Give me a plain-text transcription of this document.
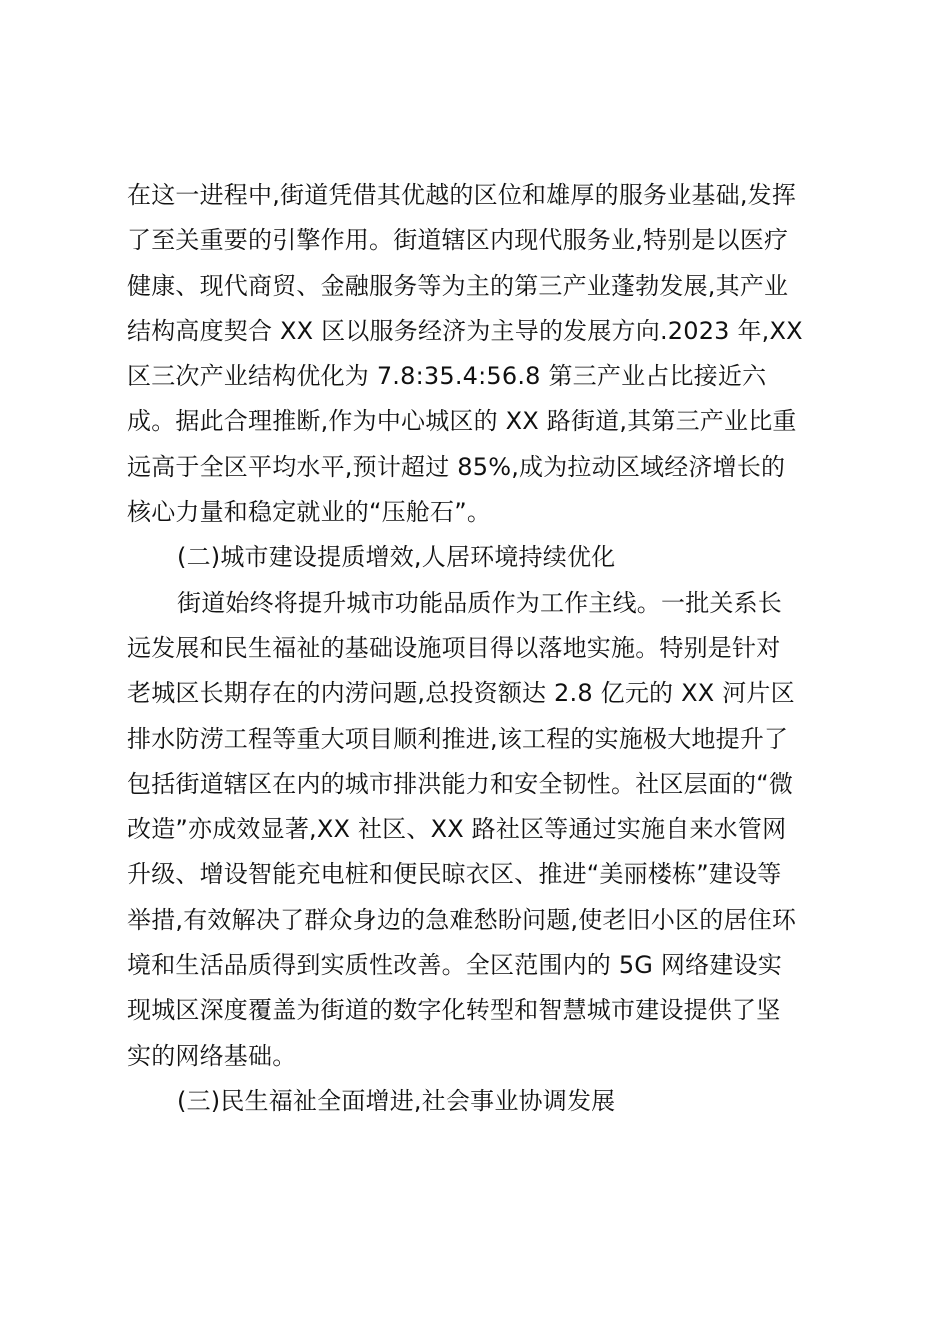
在这一进程中,街道凭借其优越的区位和雄厚的服务业基础,发挥
了至关重要的引擎作用。街道辖区内现代服务业,特别是以医疗
健康、现代商贸、金融服务等为主的第三产业蓬勃发展,其产业
结构高度契合 XX 区以服务经济为主导的发展方向.2023 年,XX
区三次产业结构优化为 7.8:35.4:56.8 第三产业占比接近六
成。据此合理推断,作为中心城区的 XX 路街道,其第三产业比重
远高于全区平均水平,预计超过 85%,成为拉动区域经济增长的
核心力量和稳定就业的“压舱石”。
(二)城市建设提质增效,人居环境持续优化
街道始终将提升城市功能品质作为工作主线。一批关系长
远发展和民生福祉的基础设施项目得以落地实施。特别是针对
老城区长期存在的内涝问题,总投资额达 2.8 亿元的 XX 河片区
排水防涝工程等重大项目顺利推进,该工程的实施极大地提升了
包括街道辖区在内的城市排洪能力和安全韧性。社区层面的“微
改造”亦成效显著,XX 社区、XX 路社区等通过实施自来水管网
升级、增设智能充电桩和便民晾衣区、推进“美丽楼栋”建设等
举措,有效解决了群众身边的急难愁盼问题,使老旧小区的居住环
境和生活品质得到实质性改善。全区范围内的 5G 网络建设实
现城区深度覆盖为街道的数字化转型和智慧城市建设提供了坚
实的网络基础。
(三)民生福祉全面增进,社会事业协调发展
